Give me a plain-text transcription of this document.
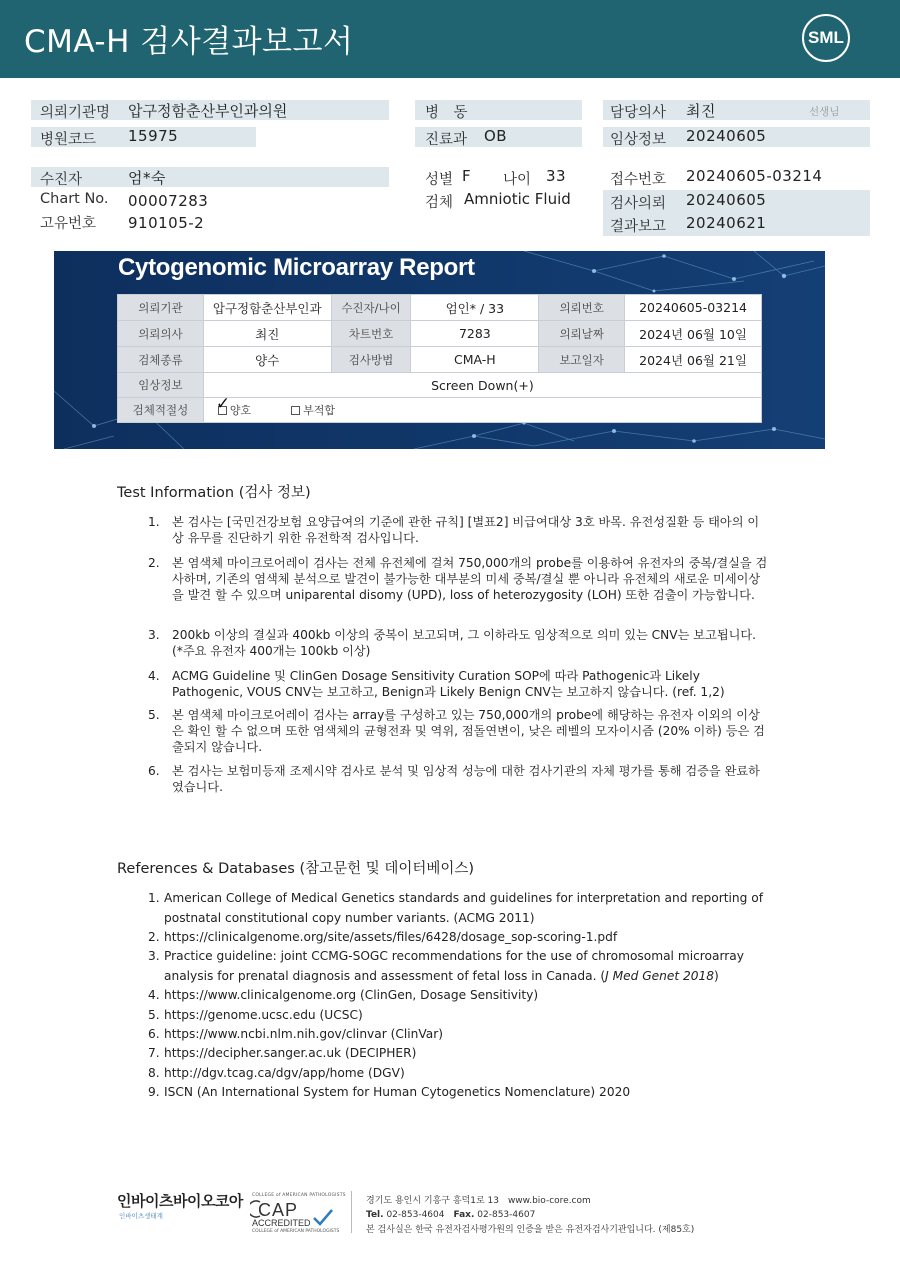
CMA-H 검사결과보고서	SML
의뢰기관명 압구정함춘산부인과의원	병　동	담당의사 최진	선생님
병원코드 15975	진료과 OB	임상정보 20240605
수진자	엄*숙	성별 F 나이 33	접수번호 20240605-03214
Chart No. 00007283	검체 Amniotic Fluid	검사의뢰 20240605
고유번호 910105-2	결과보고 20240621
Cytogenomic Microarray Report
의뢰기관	압구정함춘산부인과	수진자/나이	엄인* / 33	의뢰번호	20240605-03214
의뢰의사	최진	차트번호	7283	의뢰날짜	2024년 06월 10일
검체종류	양수	검사방법	CMA-H	보고일자	2024년 06월 21일
임상정보	Screen Down(+)				
검체적절성	양호 부적합
✓				
Test Information (검사 정보)
1. 본 검사는 [국민건강보험 요양급여의 기준에 관한 규칙] [별표2] 비급여대상 3호 바목. 유전성질환 등 태아의 이상 유무를 진단하기 위한 유전학적 검사입니다.
2. 본 염색체 마이크로어레이 검사는 전체 유전체에 걸쳐 750,000개의 probe를 이용하여 유전자의 중복/결실을 검사하며, 기존의 염색체 분석으로 발견이 불가능한 대부분의 미세 중복/결실 뿐 아니라 유전체의 새로운 미세이상을 발견 할 수 있으며 uniparental disomy (UPD), loss of heterozygosity (LOH) 또한 검출이 가능합니다.
3. 200kb 이상의 결실과 400kb 이상의 중복이 보고되며, 그 이하라도 임상적으로 의미 있는 CNV는 보고됩니다. (*주요 유전자 400개는 100kb 이상)
4. ACMG Guideline 및 ClinGen Dosage Sensitivity Curation SOP에 따라 Pathogenic과 Likely Pathogenic, VOUS CNV는 보고하고, Benign과 Likely Benign CNV는 보고하지 않습니다. (ref. 1,2)
5. 본 염색체 마이크로어레이 검사는 array를 구성하고 있는 750,000개의 probe에 해당하는 유전자 이외의 이상은 확인 할 수 없으며 또한 염색체의 균형전좌 및 역위, 점돌연변이, 낮은 레벨의 모자이시즘 (20% 이하) 등은 검출되지 않습니다.
6. 본 검사는 보험미등재 조제시약 검사로 분석 및 임상적 성능에 대한 검사기관의 자체 평가를 통해 검증을 완료하였습니다.
References & Databases (참고문헌 및 데이터베이스)
1. American College of Medical Genetics standards and guidelines for interpretation and reporting of postnatal constitutional copy number variants. (ACMG 2011)
2. https://clinicalgenome.org/site/assets/files/6428/dosage_sop-scoring-1.pdf
3. Practice guideline: joint CCMG-SOGC recommendations for the use of chromosomal microarray analysis for prenatal diagnosis and assessment of fetal loss in Canada. (J Med Genet 2018)
4. https://www.clinicalgenome.org (ClinGen, Dosage Sensitivity)
5. https://genome.ucsc.edu (UCSC)
6. https://www.ncbi.nlm.nih.gov/clinvar (ClinVar)
7. https://decipher.sanger.ac.uk (DECIPHER)
8. http://dgv.tcag.ca/dgv/app/home (DGV)
9. ISCN (An International System for Human Cytogenetics Nomenclature) 2020
인바이츠바이오코아
인바이츠생태계
COLLEGE of AMERICAN PATHOLOGISTS
CAP
ACCREDITED
COLLEGE of AMERICAN PATHOLOGISTS
경기도 용인시 기흥구 흥덕1로 13　www.bio-core.com
Tel. 02-853-4604　 Fax. 02-853-4607
본 검사실은 한국 유전자검사평가원의 인증을 받은 유전자검사기관입니다. (제85호)
